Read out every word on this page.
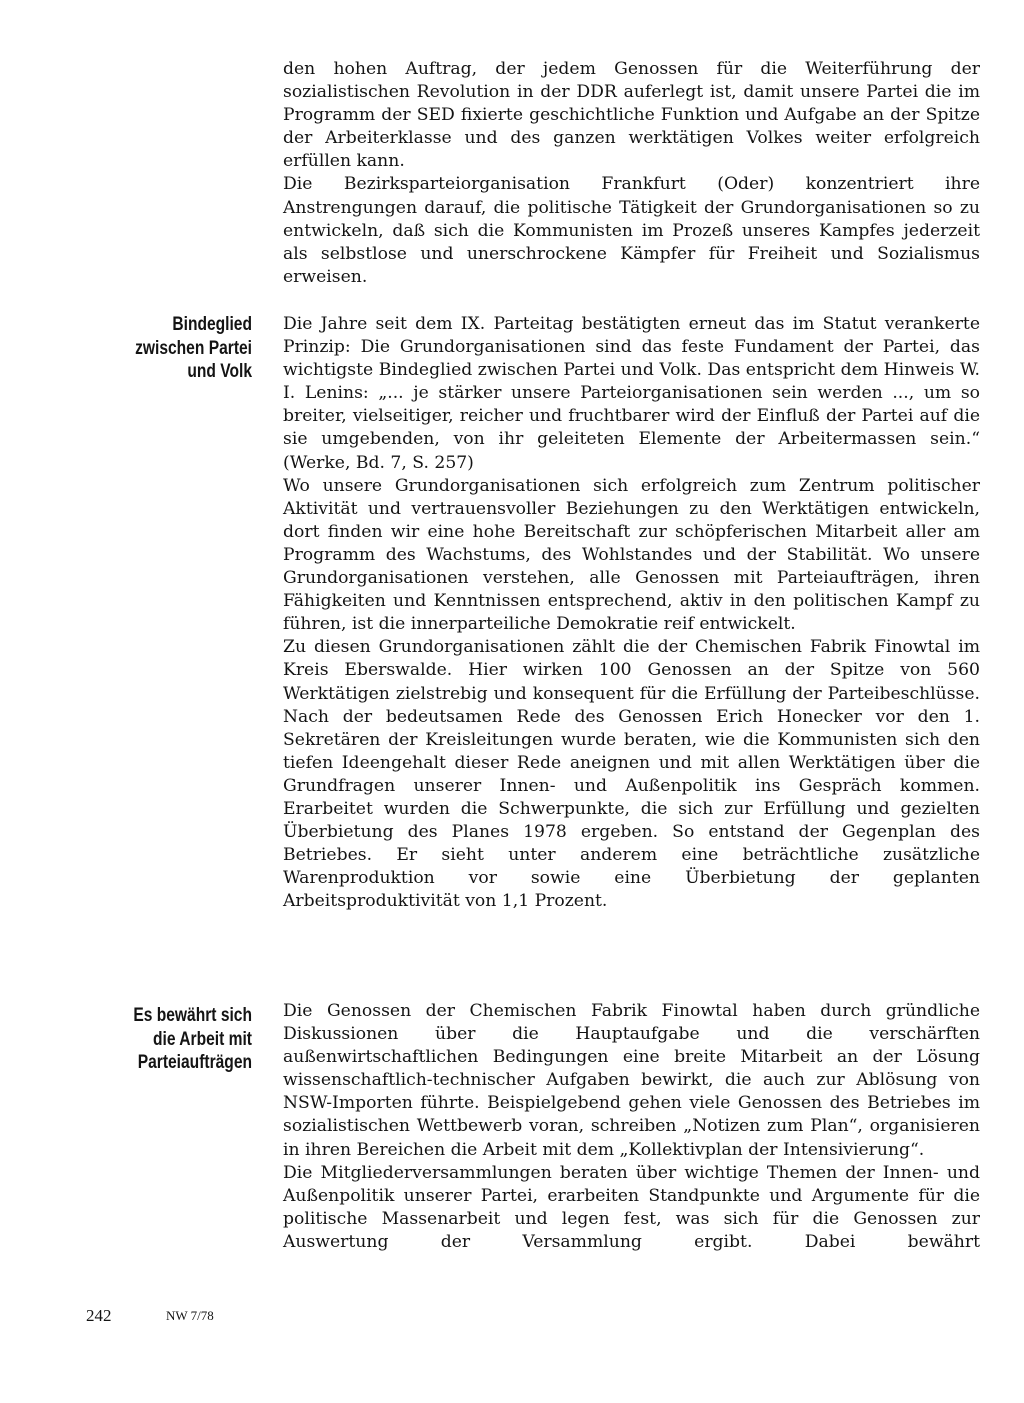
den hohen Auftrag, der jedem Genossen für die Weiterführung der sozialistischen Revolution in der DDR auferlegt ist, damit unsere Partei die im Programm der SED fixierte geschichtliche Funktion und Aufgabe an der Spitze der Arbeiterklasse und des ganzen werktätigen Volkes weiter erfolgreich erfüllen kann.

Die Bezirksparteiorganisation Frankfurt (Oder) konzentriert ihre Anstrengungen darauf, die politische Tätigkeit der Grundorganisationen so zu entwickeln, daß sich die Kommunisten im Prozeß unseres Kampfes jederzeit als selbstlose und unerschrockene Kämpfer für Freiheit und Sozialismus erweisen.

Bindeglied
zwischen Partei
und Volk

Die Jahre seit dem IX. Parteitag bestätigten erneut das im Statut verankerte Prinzip: Die Grundorganisationen sind das feste Fundament der Partei, das wichtigste Bindeglied zwischen Partei und Volk. Das entspricht dem Hinweis W. I. Lenins: „... je stärker unsere Parteiorganisationen sein werden ..., um so breiter, vielseitiger, reicher und fruchtbarer wird der Einfluß der Partei auf die sie umgebenden, von ihr geleiteten Elemente der Arbeitermassen sein.“ (Werke, Bd. 7, S. 257)

Wo unsere Grundorganisationen sich erfolgreich zum Zentrum politischer Aktivität und vertrauensvoller Beziehungen zu den Werktätigen entwickeln, dort finden wir eine hohe Bereitschaft zur schöpferischen Mitarbeit aller am Programm des Wachstums, des Wohlstandes und der Stabilität. Wo unsere Grundorganisationen verstehen, alle Genossen mit Parteiaufträgen, ihren Fähigkeiten und Kenntnissen entsprechend, aktiv in den politischen Kampf zu führen, ist die innerparteiliche Demokratie reif entwickelt.

Zu diesen Grundorganisationen zählt die der Chemischen Fabrik Finowtal im Kreis Eberswalde. Hier wirken 100 Genossen an der Spitze von 560 Werktätigen zielstrebig und konsequent für die Erfüllung der Parteibeschlüsse. Nach der bedeutsamen Rede des Genossen Erich Honecker vor den 1. Sekretären der Kreisleitungen wurde beraten, wie die Kommunisten sich den tiefen Ideengehalt dieser Rede aneignen und mit allen Werktätigen über die Grundfragen unserer Innen- und Außenpolitik ins Gespräch kommen. Erarbeitet wurden die Schwerpunkte, die sich zur Erfüllung und gezielten Überbietung des Planes 1978 ergeben. So entstand der Gegenplan des Betriebes. Er sieht unter anderem eine beträchtliche zusätzliche Warenproduktion vor sowie eine Überbietung der geplanten Arbeitsproduktivität von 1,1 Prozent.

Es bewährt sich
die Arbeit mit
Parteiaufträgen

Die Genossen der Chemischen Fabrik Finowtal haben durch gründliche Diskussionen über die Hauptaufgabe und die verschärften außenwirtschaftlichen Bedingungen eine breite Mitarbeit an der Lösung wissenschaftlich-technischer Aufgaben bewirkt, die auch zur Ablösung von NSW-Importen führte. Beispielgebend gehen viele Genossen des Betriebes im sozialistischen Wettbewerb voran, schreiben „Notizen zum Plan“, organisieren in ihren Bereichen die Arbeit mit dem „Kollektivplan der Intensivierung“.

Die Mitgliederversammlungen beraten über wichtige Themen der Innen- und Außenpolitik unserer Partei, erarbeiten Standpunkte und Argumente für die politische Massenarbeit und legen fest, was sich für die Genossen zur Auswertung der Versammlung ergibt. Dabei bewährt

242	NW 7/78
